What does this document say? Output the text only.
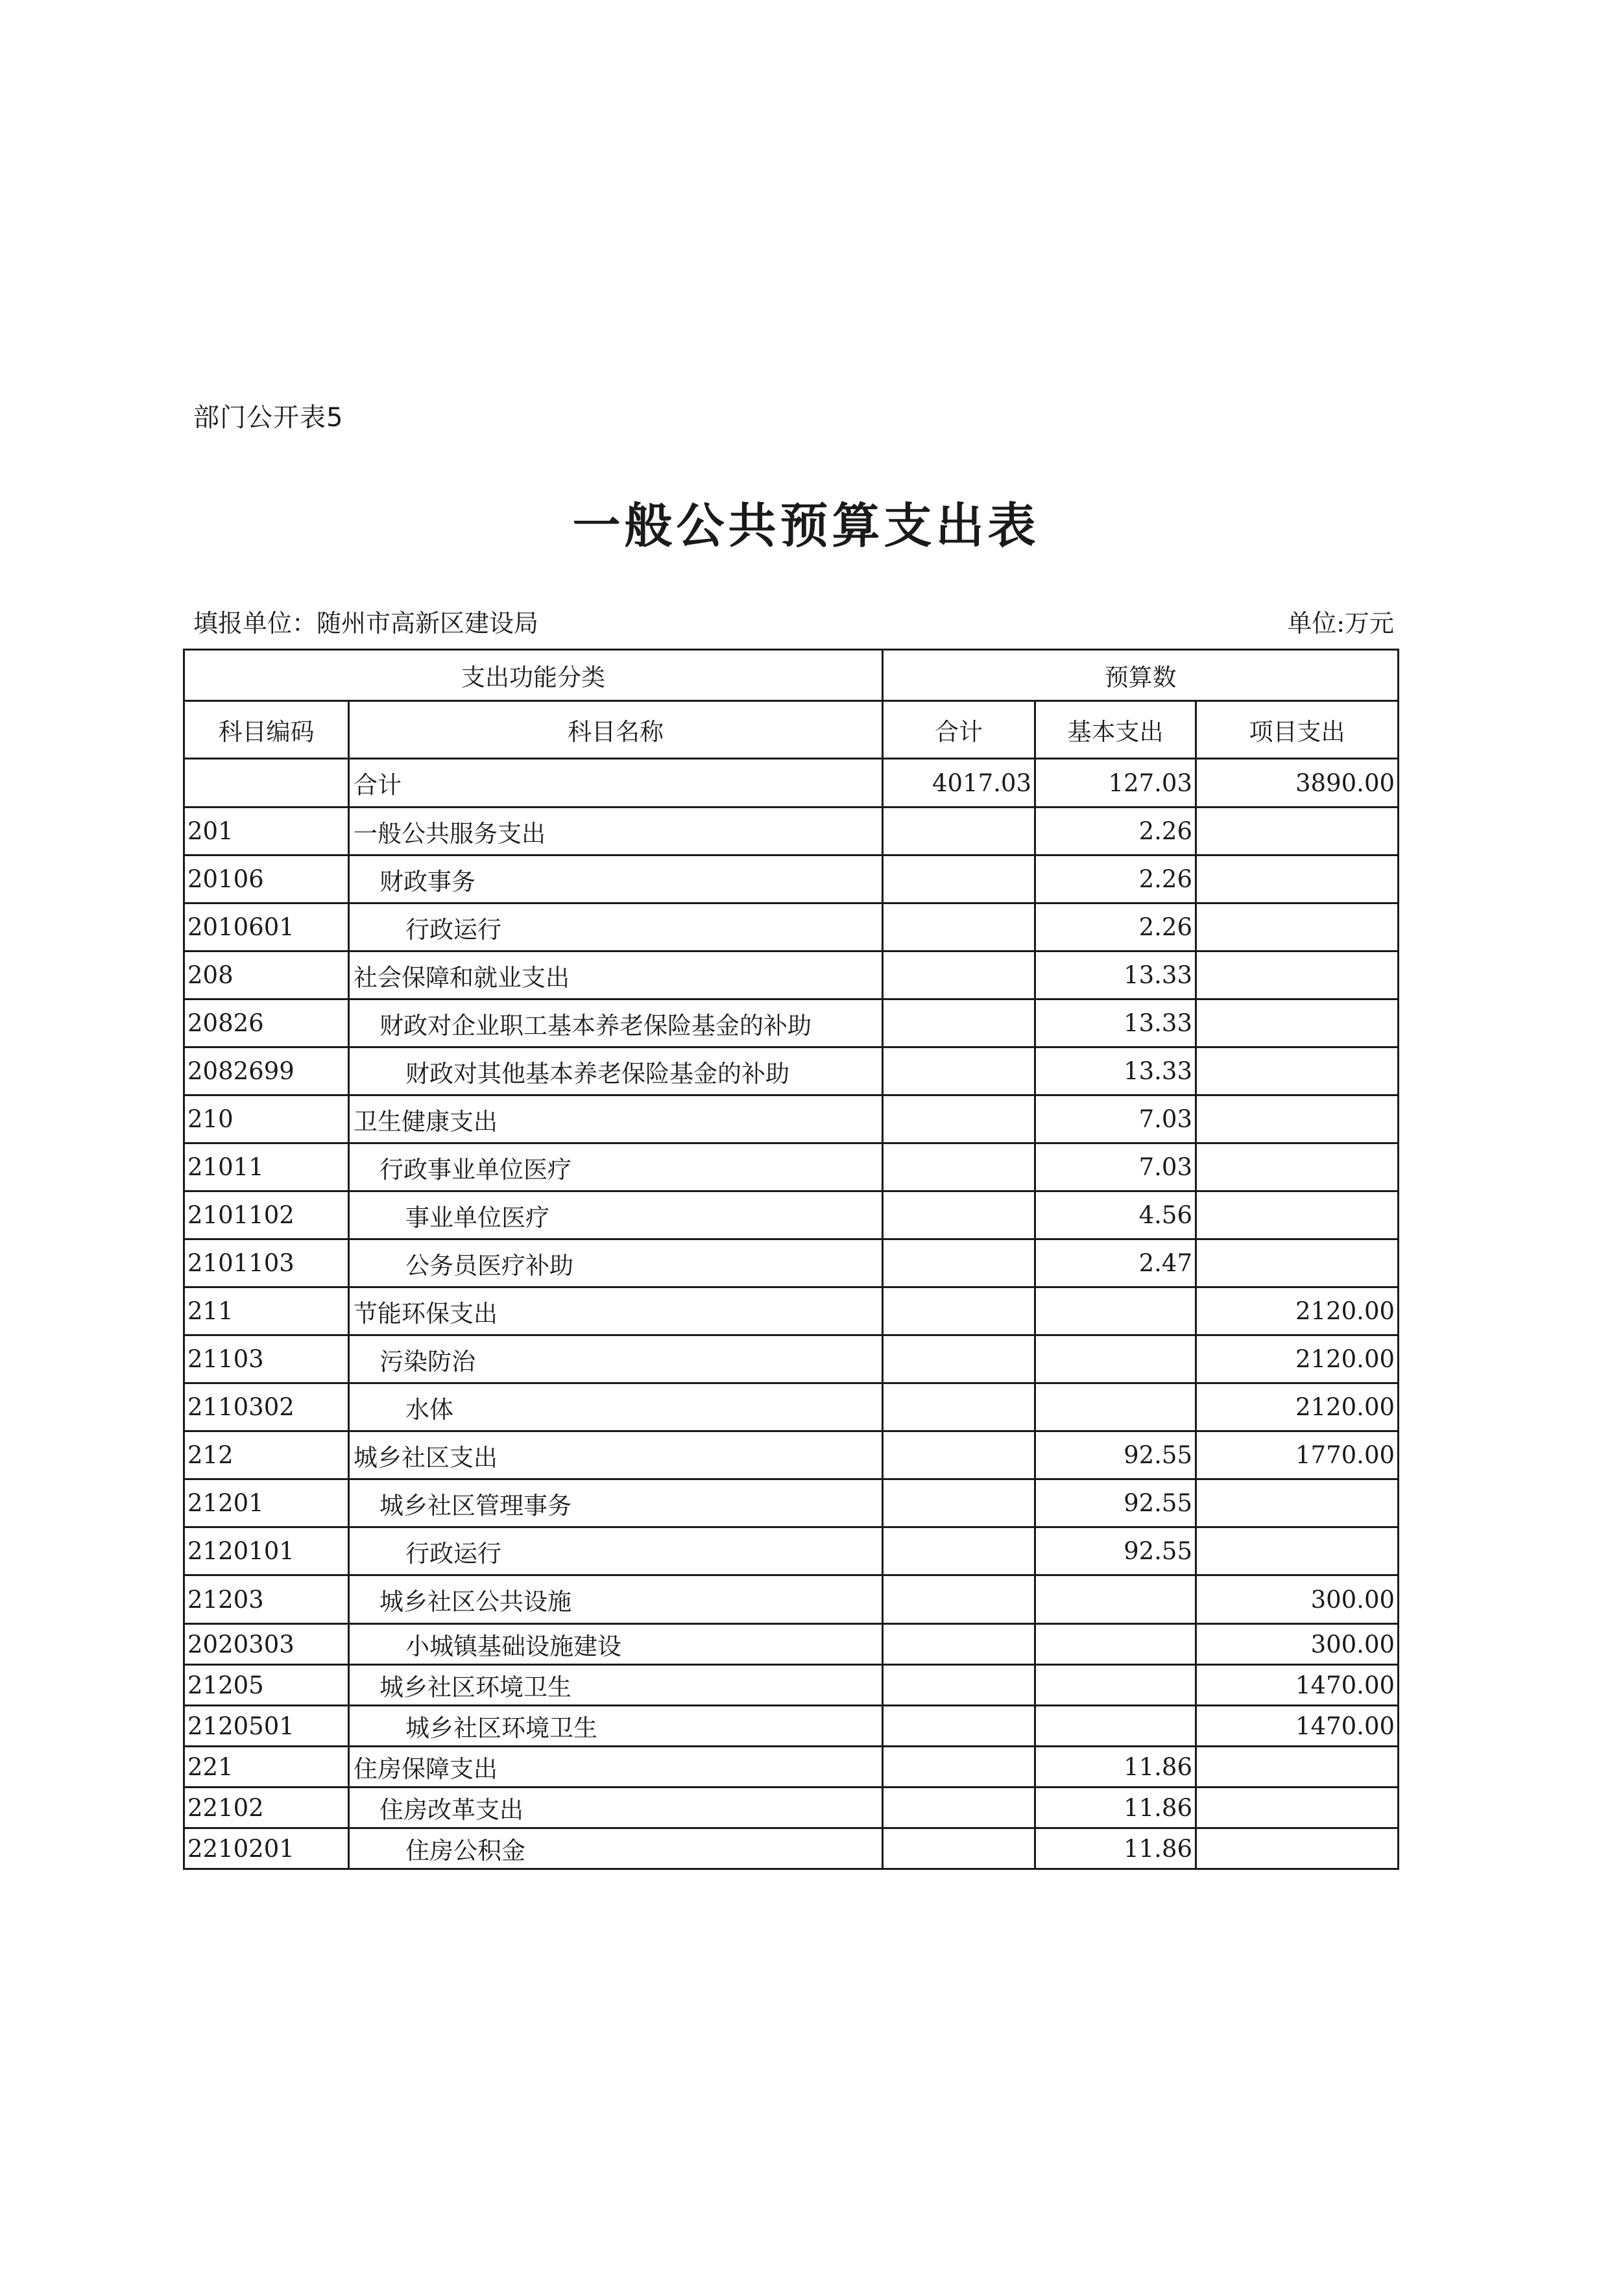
部门公开表5
一般公共预算支出表
填报单位：随州市高新区建设局	单位:万元
支出功能分类		预算数		
科目编码	科目名称	合计	基本支出	项目支出
	合计	4017.03	127.03	3890.00
201	一般公共服务支出		2.26	
20106	财政事务		2.26	
2010601	行政运行		2.26	
208	社会保障和就业支出		13.33	
20826	财政对企业职工基本养老保险基金的补助		13.33	
2082699	财政对其他基本养老保险基金的补助		13.33	
210	卫生健康支出		7.03	
21011	行政事业单位医疗		7.03	
2101102	事业单位医疗		4.56	
2101103	公务员医疗补助		2.47	
211	节能环保支出			2120.00
21103	污染防治			2120.00
2110302	水体			2120.00
212	城乡社区支出		92.55	1770.00
21201	城乡社区管理事务		92.55	
2120101	行政运行		92.55	
21203	城乡社区公共设施			300.00
2020303	小城镇基础设施建设			300.00
21205	城乡社区环境卫生			1470.00
2120501	城乡社区环境卫生			1470.00
221	住房保障支出		11.86	
22102	住房改革支出		11.86	
2210201	住房公积金		11.86	
